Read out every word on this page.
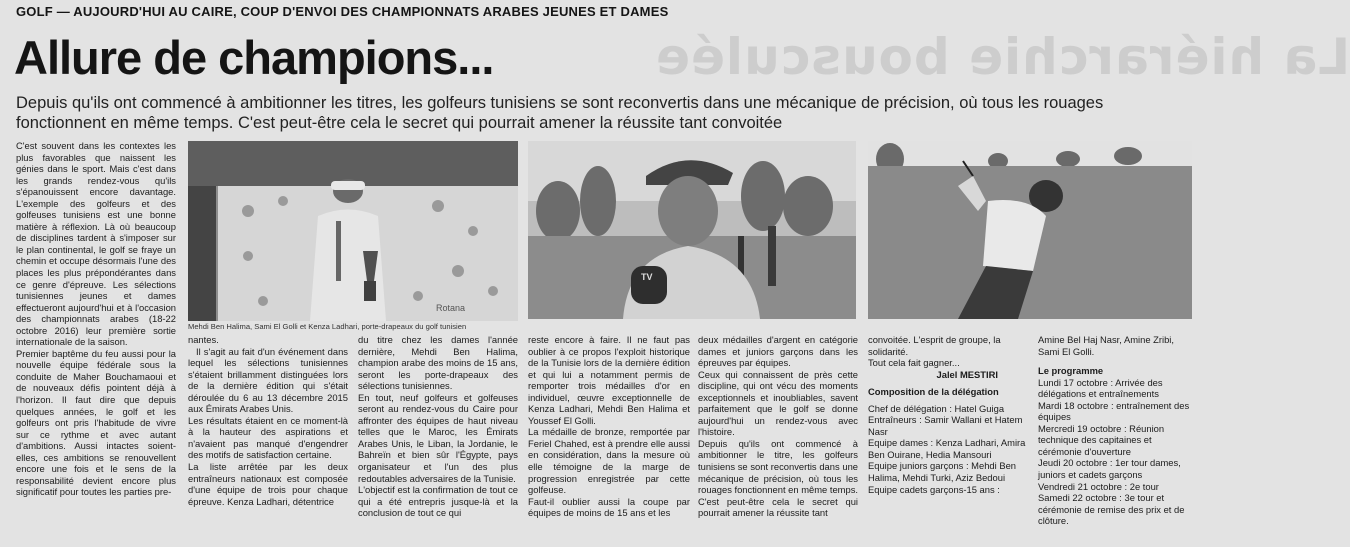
La hiérarchie bousculée
GOLF — AUJOURD'HUI AU CAIRE, COUP D'ENVOI DES CHAMPIONNATS ARABES JEUNES ET DAMES
Allure de champions...
Depuis qu'ils ont commencé à ambitionner les titres, les golfeurs tunisiens se sont reconvertis dans une mécanique de précision, où tous les rouages fonctionnent en même temps. C'est peut-être cela le secret qui pourrait amener la réussite tant convoitée

C'est souvent dans les contextes les plus favorables que naissent les génies dans le sport. Mais c'est dans les grands rendez-vous qu'ils s'épanouissent encore davantage. L'exemple des golfeurs et des golfeuses tunisiens est une bonne matière à réflexion. Là où beaucoup de disciplines tardent à s'imposer sur le plan continental, le golf se fraye un chemin et occupe désormais l'une des places les plus prépondérantes dans ce genre d'épreuve. Les sélections tunisiennes jeunes et dames effectueront aujourd'hui et à l'occasion des championnats arabes (18-22 octobre 2016) leur première sortie internationale de la saison.

Premier baptême du feu aussi pour la nouvelle équipe fédérale sous la conduite de Maher Bouchamaoui et de nouveaux défis pointent déjà à l'horizon. Il faut dire que depuis quelques années, le golf et les golfeurs ont pris l'habitude de vivre sur ce rythme et avec autant d'ambitions. Aussi intactes soient-elles, ces ambitions se renouvellent encore une fois et le sens de la responsabilité devient encore plus significatif pour toutes les parties pre-

Rotana
Mehdi Ben Halima, Sami El Golli et Kenza Ladhari, porte-drapeaux du golf tunisien
TV

nantes.

Il s'agit au fait d'un événement dans lequel les sélections tunisiennes s'étaient brillamment distinguées lors de la dernière édition qui s'était déroulée du 6 au 13 décembre 2015 aux Émirats Arabes Unis.

Les résultats étaient en ce moment-là à la hauteur des aspirations et n'avaient pas manqué d'engendrer des motifs de satisfaction certaine.

La liste arrêtée par les deux entraîneurs nationaux est composée d'une équipe de trois pour chaque épreuve. Kenza Ladhari, détentrice

du titre chez les dames l'année dernière, Mehdi Ben Halima, champion arabe des moins de 15 ans, seront les porte-drapeaux des sélections tunisiennes.

En tout, neuf golfeurs et golfeuses seront au rendez-vous du Caire pour affronter des équipes de haut niveau telles que le Maroc, les Émirats Arabes Unis, le Liban, la Jordanie, le Bahreïn et bien sûr l'Égypte, pays organisateur et l'un des plus redoutables adversaires de la Tunisie.

L'objectif est la confirmation de tout ce qui a été entrepris jusque-là et la conclusion de tout ce qui

reste encore à faire. Il ne faut pas oublier à ce propos l'exploit historique de la Tunisie lors de la dernière édition et qui lui a notamment permis de remporter trois médailles d'or en individuel, œuvre exceptionnelle de Kenza Ladhari, Mehdi Ben Halima et Youssef El Golli.

La médaille de bronze, remportée par Feriel Chahed, est à prendre elle aussi en considération, dans la mesure où elle témoigne de la marge de progression enregistrée par cette golfeuse.

Faut-il oublier aussi la coupe par équipes de moins de 15 ans et les

deux médailles d'argent en catégorie dames et juniors garçons dans les épreuves par équipes.

Ceux qui connaissent de près cette discipline, qui ont vécu des moments exceptionnels et inoubliables, savent parfaitement que le golf se donne aujourd'hui un rendez-vous avec l'histoire.

Depuis qu'ils ont commencé à ambitionner le titre, les golfeurs tunisiens se sont reconvertis dans une mécanique de précision, où tous les rouages fonctionnent en même temps.

C'est peut-être cela le secret qui pourrait amener la réussite tant

convoitée. L'esprit de groupe, la solidarité.

Tout cela fait gagner...

Jalel MESTIRI

Composition de la délégation

Chef de délégation : Hatel Guiga

Entraîneurs : Samir Wallani et Hatem Nasr

Equipe dames : Kenza Ladhari, Amira Ben Ouirane, Hedia Mansouri

Equipe juniors garçons : Mehdi Ben Halima, Mehdi Turki, Aziz Bedoui

Equipe cadets garçons-15 ans :

Amine Bel Haj Nasr, Amine Zribi, Sami El Golli.

Le programme

Lundi 17 octobre : Arrivée des délégations et entraînements

Mardi 18 octobre : entraînement des équipes

Mercredi 19 octobre : Réunion technique des capitaines et cérémonie d'ouverture

Jeudi 20 octobre : 1er tour dames, juniors et cadets garçons

Vendredi 21 octobre : 2e tour

Samedi 22 octobre : 3e tour et cérémonie de remise des prix et de clôture.
